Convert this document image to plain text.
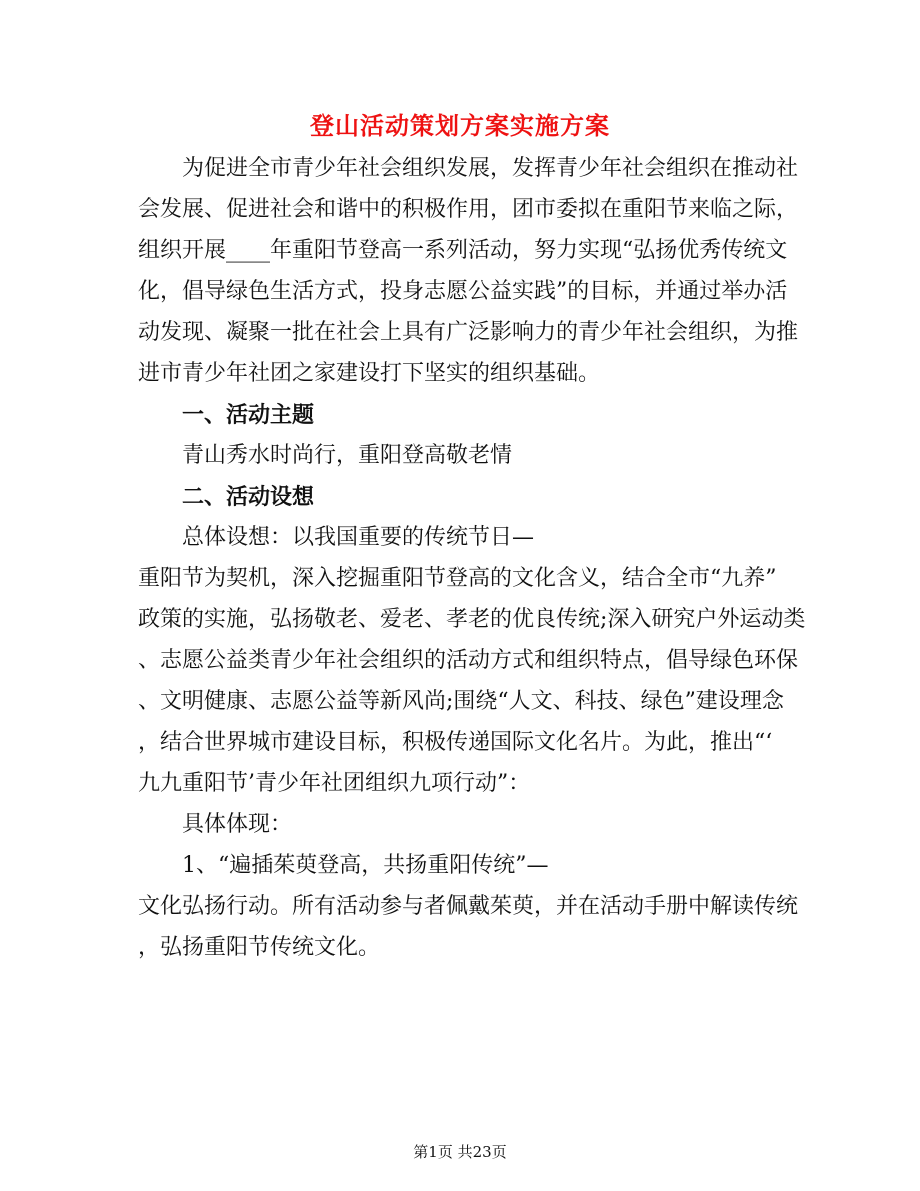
登山活动策划方案实施方案
为促进全市青少年社会组织发展，发挥青少年社会组织在推动社
会发展、促进社会和谐中的积极作用，团市委拟在重阳节来临之际，
组织开展____年重阳节登高一系列活动，努力实现“弘扬优秀传统文
化，倡导绿色生活方式，投身志愿公益实践”的目标，并通过举办活
动发现、凝聚一批在社会上具有广泛影响力的青少年社会组织，为推
进市青少年社团之家建设打下坚实的组织基础。
一、活动主题
青山秀水时尚行，重阳登高敬老情
二、活动设想
总体设想：以我国重要的传统节日—
重阳节为契机，深入挖掘重阳节登高的文化含义，结合全市“九养”
政策的实施，弘扬敬老、爱老、孝老的优良传统;深入研究户外运动类
、志愿公益类青少年社会组织的活动方式和组织特点，倡导绿色环保
、文明健康、志愿公益等新风尚;围绕“人文、科技、绿色”建设理念
，结合世界城市建设目标，积极传递国际文化名片。为此，推出“‘
九九重阳节’青少年社团组织九项行动”：
具体体现：
1、“遍插茱萸登高，共扬重阳传统”—
文化弘扬行动。所有活动参与者佩戴茱萸，并在活动手册中解读传统
，弘扬重阳节传统文化。
第1页 共23页
